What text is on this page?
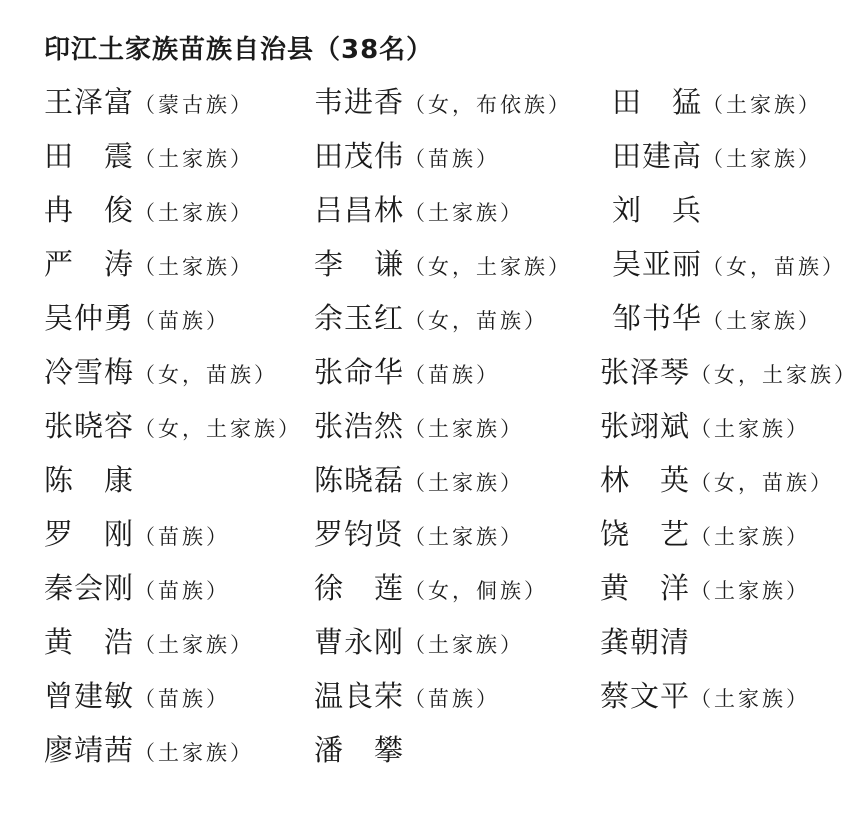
印江土家族苗族自治县（38名）
王泽富（蒙古族） 韦进香（女，布依族） 田　猛（土家族）
田　震（土家族） 田茂伟（苗族）	田建高（土家族）
冉　俊（土家族） 吕昌林（土家族）	刘　兵
严　涛（土家族） 李　谦（女，土家族） 吴亚丽（女，苗族）
吴仲勇（苗族）	余玉红（女，苗族） 邹书华（土家族）
冷雪梅（女，苗族） 张命华（苗族）	张泽琴（女，土家族）
张晓容（女，土家族） 张浩然（土家族）	张翊斌（土家族）
陈　康	陈晓磊（土家族）	林　英（女，苗族）
罗　刚（苗族）	罗钧贤（土家族）	饶　艺（土家族）
秦会刚（苗族）	徐　莲（女，侗族） 黄　洋（土家族）
黄　浩（土家族） 曹永刚（土家族）	龚朝清
曾建敏（苗族）	温良荣（苗族）	蔡文平（土家族）
廖靖茜（土家族） 潘　攀
